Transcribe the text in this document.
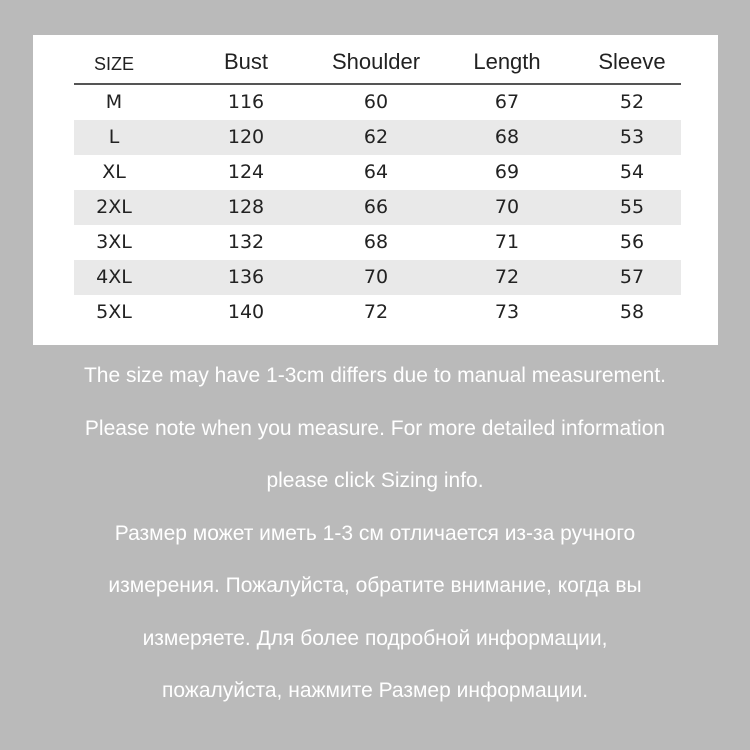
SIZE	Bust	Shoulder	Length	Sleeve
M	116	60	67	52
L	120	62	68	53
XL	124	64	69	54
2XL	128	66	70	55
3XL	132	68	71	56
4XL	136	70	72	57
5XL	140	72	73	58
The size may have 1-3cm differs due to manual measurement.
Please note when you measure. For more detailed information
please click Sizing info.
Размер может иметь 1-3 см отличается из-за ручного
измерения. Пожалуйста, обратите внимание, когда вы
измеряете. Для более подробной информации,
пожалуйста, нажмите Размер информации.
